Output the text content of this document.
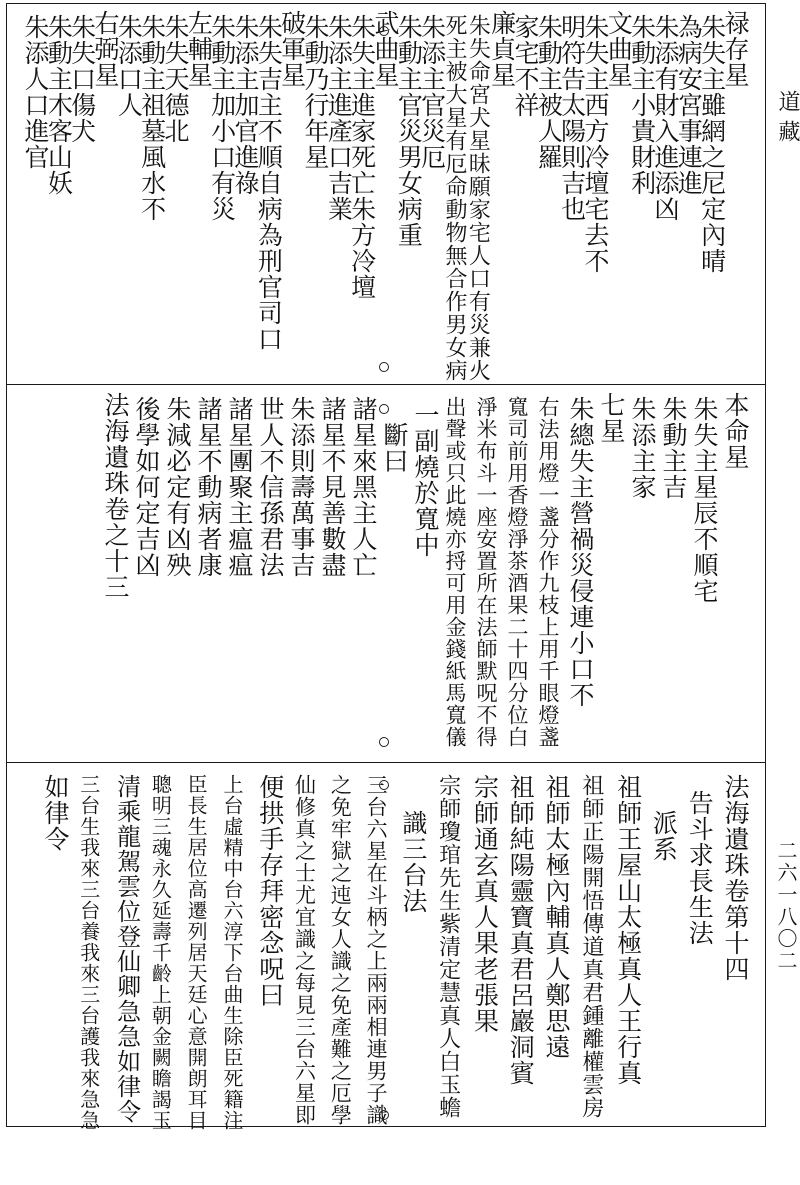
禄存星
朱失主雖網之尼定內晴
為病安宮事連進
朱添有財入進添凶
朱動主小貴財利
文曲星
朱失主西方冷壇宅去不
明符告太陽則吉也
朱動主被人羅
家宅不祥
廉貞星
朱失命宮犬星昧願家宅人口有災兼火
死主被大星有厄命動物無合作男女病
朱添主官災厄
朱動主官災男女病重
武曲星
朱失主進家死亡朱方冷壇
朱添主進產口吉業
朱動乃行年星
破軍星
朱失吉主不順自病為刑官司口
朱添主加官進祿
朱動主加小口有災
左輔星
朱失天德北
朱動主祖墓風水不
朱添口人
右弼星
朱失口傷犬
朱動主木客山妖
朱添人口進官
本命星
朱失主星辰不順宅
朱動主吉
朱添主家
七星
朱總失主營禍災侵連小口不
右法用燈一盞分作九枝上用千眼燈盞
寬司前用香燈淨茶酒果二十四分位白
淨米布斗一座安置所在法師默呪不得
出聲或只此燒亦捋可用金錢紙馬寬儀
一副燒於寬中
斷曰
諸星來黑主人亡
諸星不見善數盡
朱添則壽萬事吉
世人不信孫君法
諸星團聚主瘟瘟
諸星不動病者康
朱減必定有凶殃
後學如何定吉凶
法海遺珠卷之十三
法海遺珠卷第十四
告斗求長生法
派系
祖師王屋山太極真人王行真
祖師正陽開悟傳道真君鍾離權雲房
祖師太極內輔真人鄭思遠
祖師純陽靈寶真君呂巖洞賓
宗師通玄真人果老張果
宗師瓊琯先生紫清定慧真人白玉蟾
識三台法
三台六星在斗柄之上兩兩相連男子識
之免牢獄之迍女人識之免產難之厄學
仙修真之士尤宜識之每見三台六星即
便拱手存拜密念呪曰
上台虛精中台六淳下台曲生除臣死籍注
臣長生居位高遷列居天廷心意開朗耳目
聰明三魂永久延壽千齡上朝金闕瞻謁玉
清乘龍駕雲位登仙卿急急如律令
三台生我來三台養我來三台護我來急急
如律令
道藏
二六一八〇二
